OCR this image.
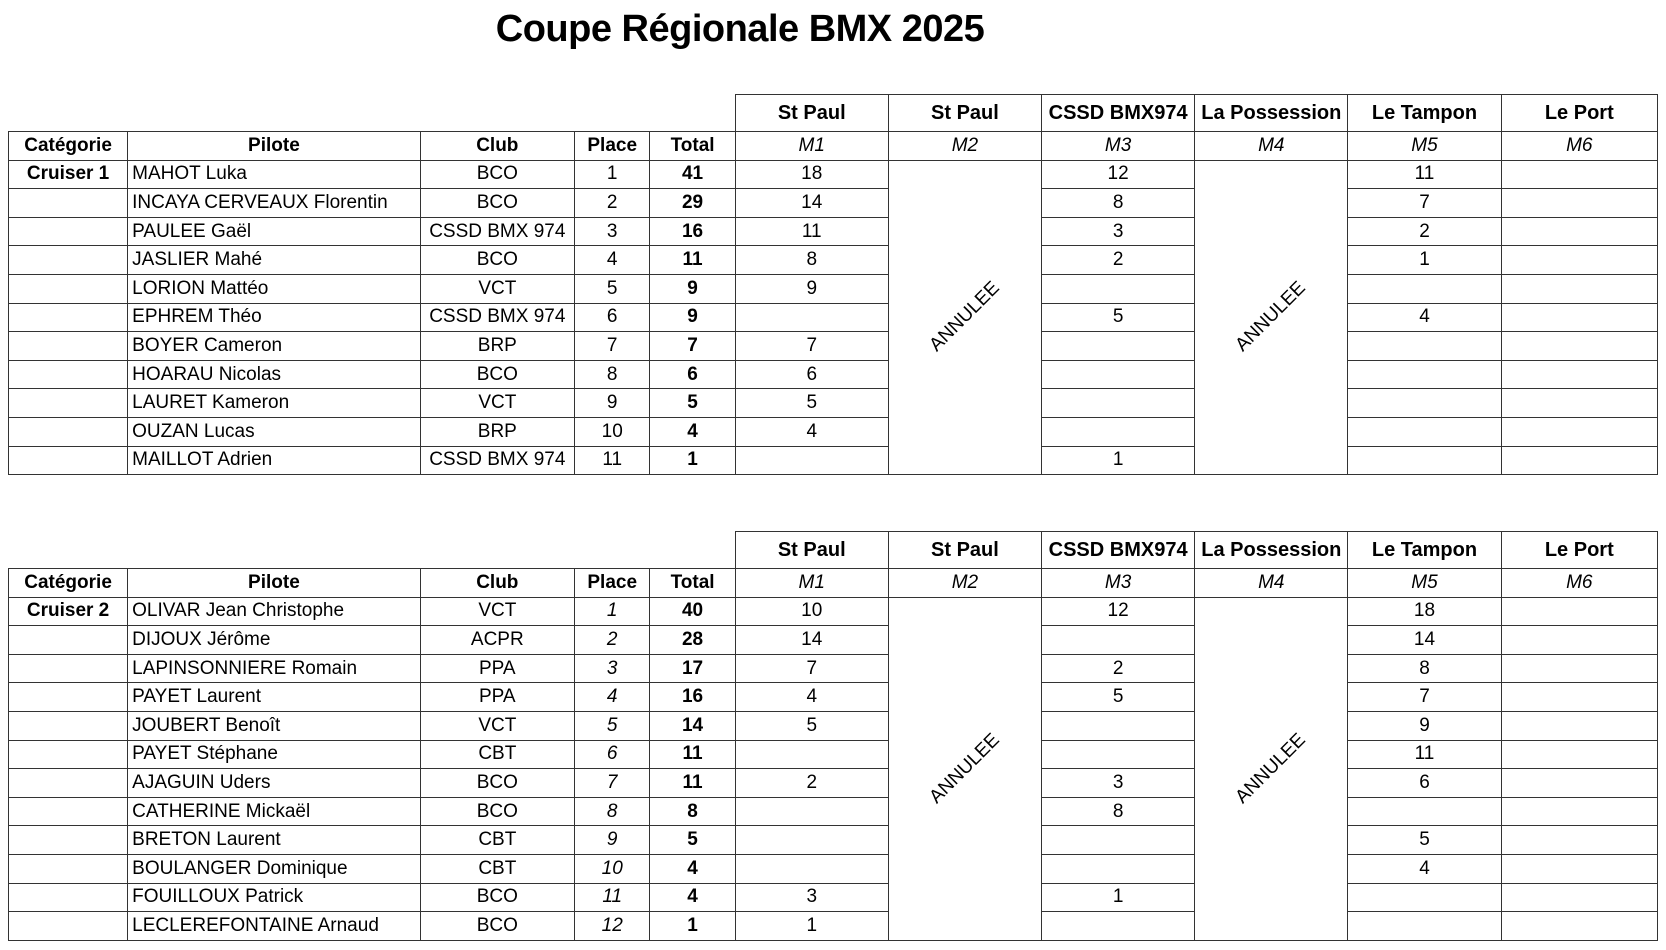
Coupe Régionale BMX 2025
					St Paul	St Paul	CSSD BMX974	La Possession	Le Tampon	Le Port
Catégorie	Pilote	Club	Place	Total	M1	M2	M3	M4	M5	M6
Cruiser 1	MAHOT Luka	BCO	1	41	18	ANNULEE	12	ANNULEE	11	
	INCAYA CERVEAUX Florentin	BCO	2	29	14		8		7	
	PAULEE Gaël	CSSD BMX 974	3	16	11		3		2	
	JASLIER Mahé	BCO	4	11	8		2		1	
	LORION Mattéo	VCT	5	9	9					
	EPHREM Théo	CSSD BMX 974	6	9			5		4	
	BOYER Cameron	BRP	7	7	7					
	HOARAU Nicolas	BCO	8	6	6					
	LAURET Kameron	VCT	9	5	5					
	OUZAN Lucas	BRP	10	4	4					
	MAILLOT Adrien	CSSD BMX 974	11	1			1			
					St Paul	St Paul	CSSD BMX974	La Possession	Le Tampon	Le Port
Catégorie	Pilote	Club	Place	Total	M1	M2	M3	M4	M5	M6
Cruiser 2	OLIVAR Jean Christophe	VCT	1	40	10	ANNULEE	12	ANNULEE	18	
	DIJOUX Jérôme	ACPR	2	28	14				14	
	LAPINSONNIERE Romain	PPA	3	17	7		2		8	
	PAYET Laurent	PPA	4	16	4		5		7	
	JOUBERT Benoît	VCT	5	14	5				9	
	PAYET Stéphane	CBT	6	11					11	
	AJAGUIN Uders	BCO	7	11	2		3		6	
	CATHERINE Mickaël	BCO	8	8			8			
	BRETON Laurent	CBT	9	5					5	
	BOULANGER Dominique	CBT	10	4					4	
	FOUILLOUX Patrick	BCO	11	4	3		1			
	LECLEREFONTAINE Arnaud	BCO	12	1	1					
